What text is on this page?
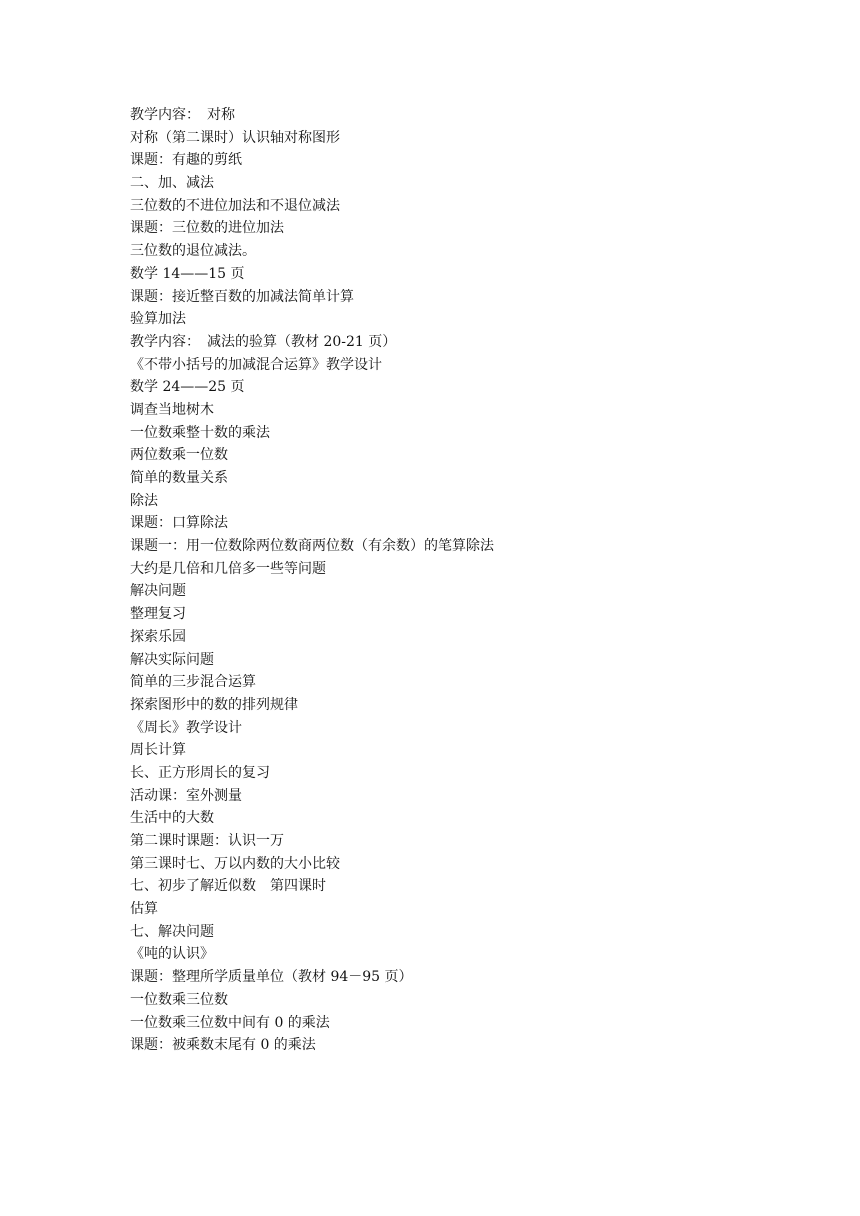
教学内容：　对称
对称（第二课时）认识轴对称图形
课题：有趣的剪纸
二、加、减法
三位数的不进位加法和不退位减法
课题：三位数的进位加法
三位数的退位减法。
数学 14——15 页
课题：接近整百数的加减法简单计算
验算加法
教学内容：　减法的验算（教材 20-21 页）
《不带小括号的加减混合运算》教学设计
数学 24——25 页
调查当地树木
一位数乘整十数的乘法
两位数乘一位数
简单的数量关系
除法
课题：口算除法
课题一：用一位数除两位数商两位数（有余数）的笔算除法
大约是几倍和几倍多一些等问题
解决问题
整理复习
探索乐园
解决实际问题
简单的三步混合运算
探索图形中的数的排列规律
《周长》教学设计
周长计算
长、正方形周长的复习
活动课：室外测量
生活中的大数
第二课时课题：认识一万
第三课时七、万以内数的大小比较
七、初步了解近似数　第四课时
估算
七、解决问题
《吨的认识》
课题：整理所学质量单位（教材 94－95 页）
一位数乘三位数
一位数乘三位数中间有 0 的乘法
课题：被乘数末尾有 0 的乘法
